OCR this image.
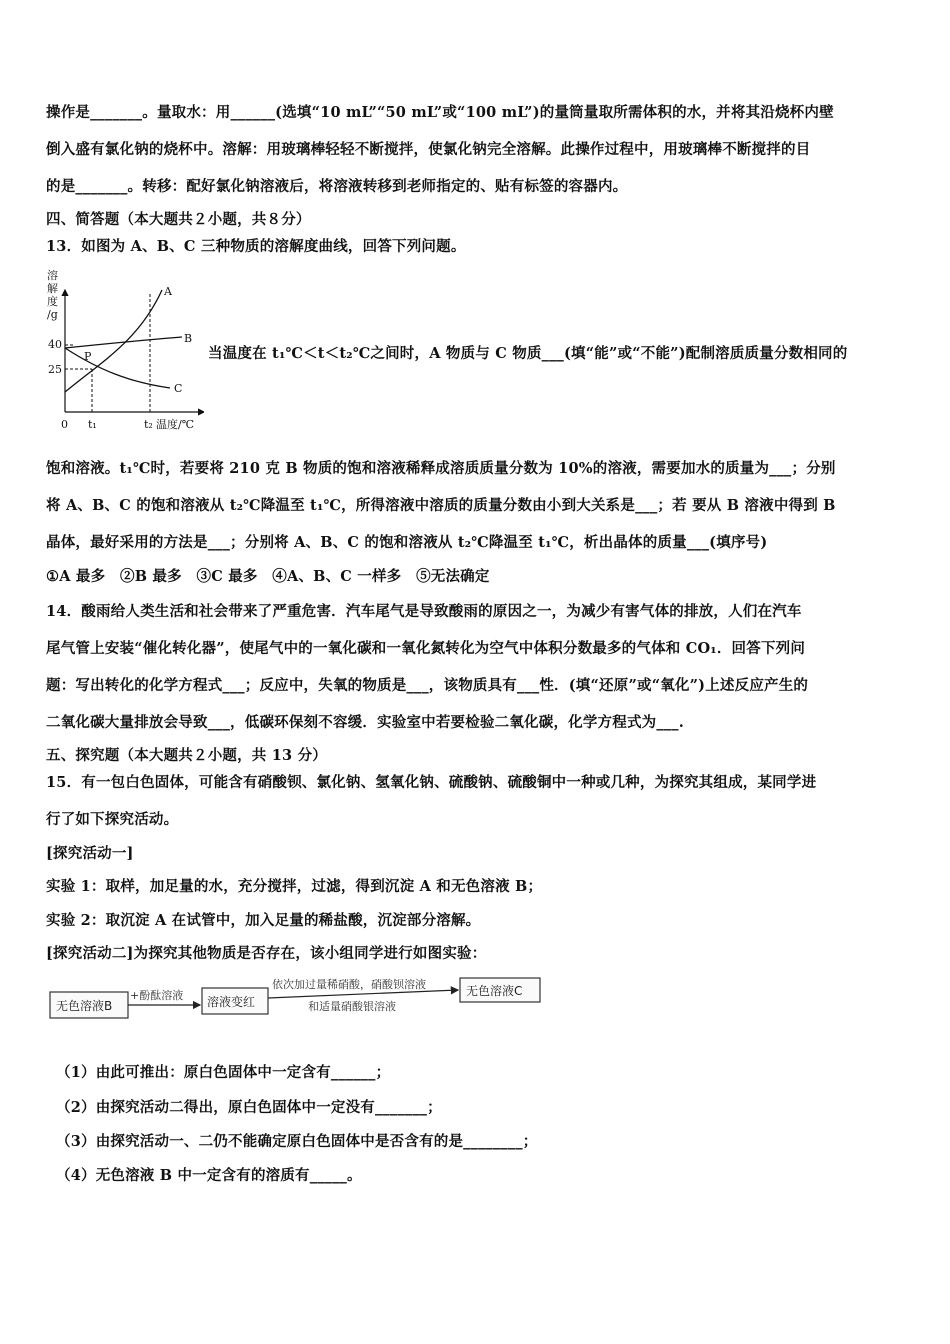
操作是_______。量取水：用______(选填“10 mL”“50 mL”或“100 mL”)的量筒量取所需体积的水，并将其沿烧杯内壁
倒入盛有氯化钠的烧杯中。溶解：用玻璃棒轻轻不断搅拌，使氯化钠完全溶解。此操作过程中，用玻璃棒不断搅拌的目
的是_______。转移：配好氯化钠溶液后，将溶液转移到老师指定的、贴有标签的容器内。
四、简答题（本大题共２小题，共８分）
13．如图为 A、B、C 三种物质的溶解度曲线，回答下列问题。
溶
解
度
/g
40
25
A
B
C
P
0 t₁	t₂ 温度/℃
当温度在 t₁℃＜t＜t₂℃之间时，A 物质与 C 物质___(填“能”或“不能”)配制溶质质量分数相同的
饱和溶液。t₁℃时，若要将 210 克 B 物质的饱和溶液稀释成溶质质量分数为 10%的溶液，需要加水的质量为___；分别
将 A、B、C 的饱和溶液从 t₂℃降温至 t₁℃，所得溶液中溶质的质量分数由小到大关系是___；若 要从 B 溶液中得到 B
晶体，最好采用的方法是___；分别将 A、B、C 的饱和溶液从 t₂℃降温至 t₁℃，析出晶体的质量___(填序号)
①A 最多　②B 最多　③C 最多　④A、B、C 一样多　⑤无法确定
14．酸雨给人类生活和社会带来了严重危害．汽车尾气是导致酸雨的原因之一，为减少有害气体的排放，人们在汽车
尾气管上安装“催化转化器”，使尾气中的一氧化碳和一氧化氮转化为空气中体积分数最多的气体和 CO₁．回答下列问
题：写出转化的化学方程式___；反应中，失氧的物质是___，该物质具有___性．(填“还原”或“氧化”)上述反应产生的
二氧化碳大量排放会导致___，低碳环保刻不容缓．实验室中若要检验二氧化碳，化学方程式为___.
五、探究题（本大题共２小题，共 13 分）
15．有一包白色固体，可能含有硝酸钡、氯化钠、氢氧化钠、硫酸钠、硫酸铜中一种或几种，为探究其组成，某同学进
行了如下探究活动。
[探究活动一]
实验 1：取样，加足量的水，充分搅拌，过滤，得到沉淀 A 和无色溶液 B；
实验 2：取沉淀 A 在试管中，加入足量的稀盐酸，沉淀部分溶解。
[探究活动二]为探究其他物质是否存在，该小组同学进行如图实验：
无色溶液B
+酚酞溶液 溶液变红
依次加过量稀硝酸，硝酸钡溶液
和适量硝酸银溶液
无色溶液C
（1）由此可推出：原白色固体中一定含有______；
（2）由探究活动二得出，原白色固体中一定没有_______；
（3）由探究活动一、二仍不能确定原白色固体中是否含有的是________；
（4）无色溶液 B 中一定含有的溶质有_____。
